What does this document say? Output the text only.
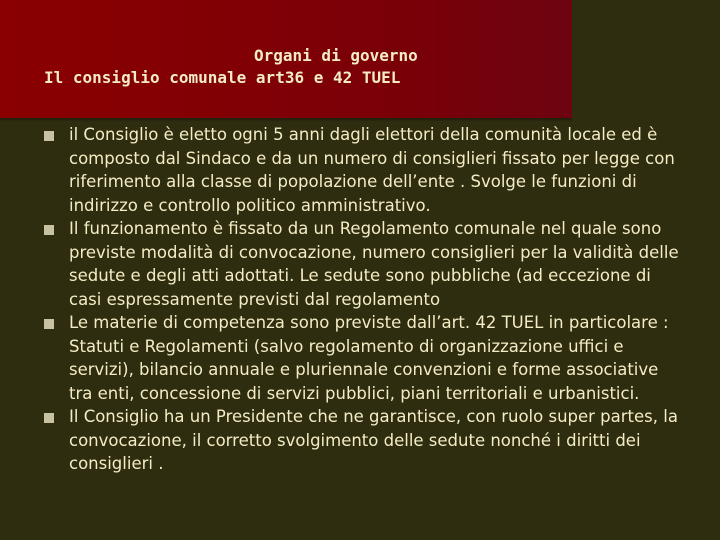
Organi di governo
Il consiglio comunale art36 e 42 TUEL
il Consiglio è eletto ogni 5 anni dagli elettori della comunità locale ed è composto dal Sindaco e da un numero di consiglieri fissato per legge con riferimento alla classe di popolazione dell’ente . Svolge le funzioni di indirizzo e controllo politico amministrativo.
Il funzionamento è fissato da un Regolamento comunale nel quale sono previste modalità di convocazione, numero consiglieri per la validità delle sedute e degli atti adottati. Le sedute sono pubbliche (ad eccezione di casi espressamente previsti dal regolamento
Le materie di competenza sono previste dall’art. 42 TUEL in particolare : Statuti e Regolamenti (salvo regolamento di organizzazione uffici e servizi), bilancio annuale e pluriennale convenzioni e forme associative tra enti, concessione di servizi pubblici, piani territoriali e urbanistici.
Il Consiglio ha un Presidente che ne garantisce, con ruolo super partes, la convocazione, il corretto svolgimento delle sedute nonché i diritti dei consiglieri .
